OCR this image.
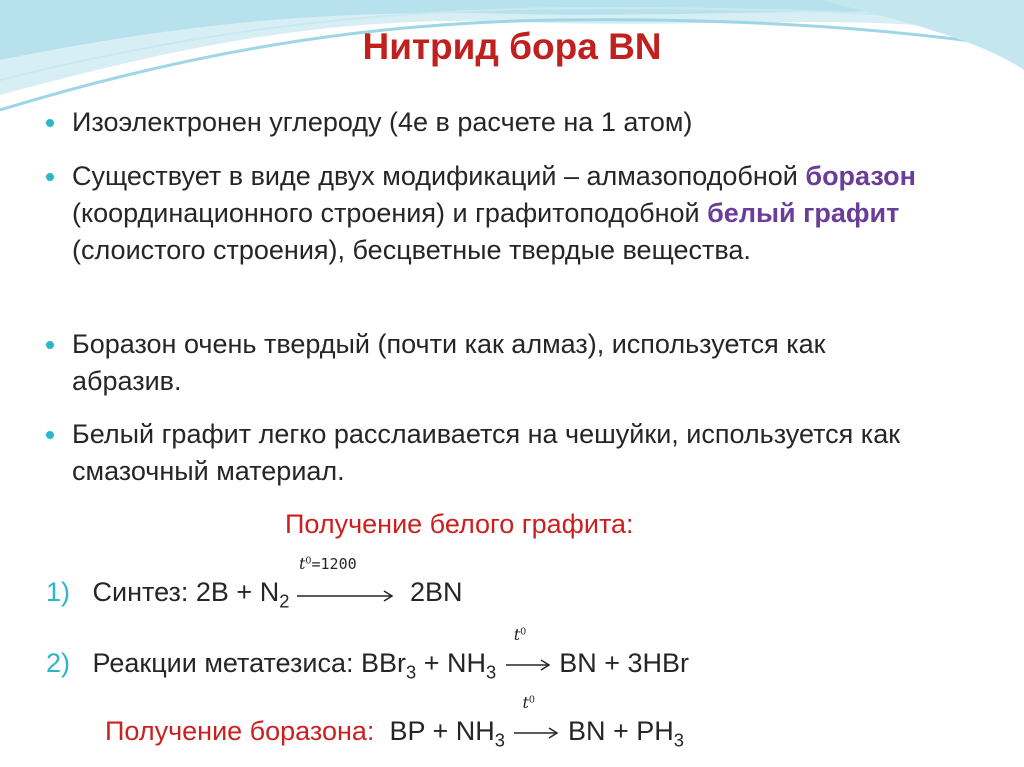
Нитрид бора BN
Изоэлектронен углероду (4е в расчете на 1 атом)
Существует в виде двух модификаций – алмазоподобной боразон (координационного строения) и графитоподобной белый графит (слоистого строения), бесцветные твердые вещества.
Боразон очень твердый (почти как алмаз), используется как абразив.
Белый графит легко расслаивается на чешуйки, используется как смазочный материал.
Получение белого графита:
1) Синтез: $2B + N_2$
$t^0=1200$
2BN
2) Реакции метатезиса: $BBr_3 + NH_3$
$t^0$
BN + 3HBr
Получение боразона: BP + $NH_3$
$t^0$
BN + $PH_3$
